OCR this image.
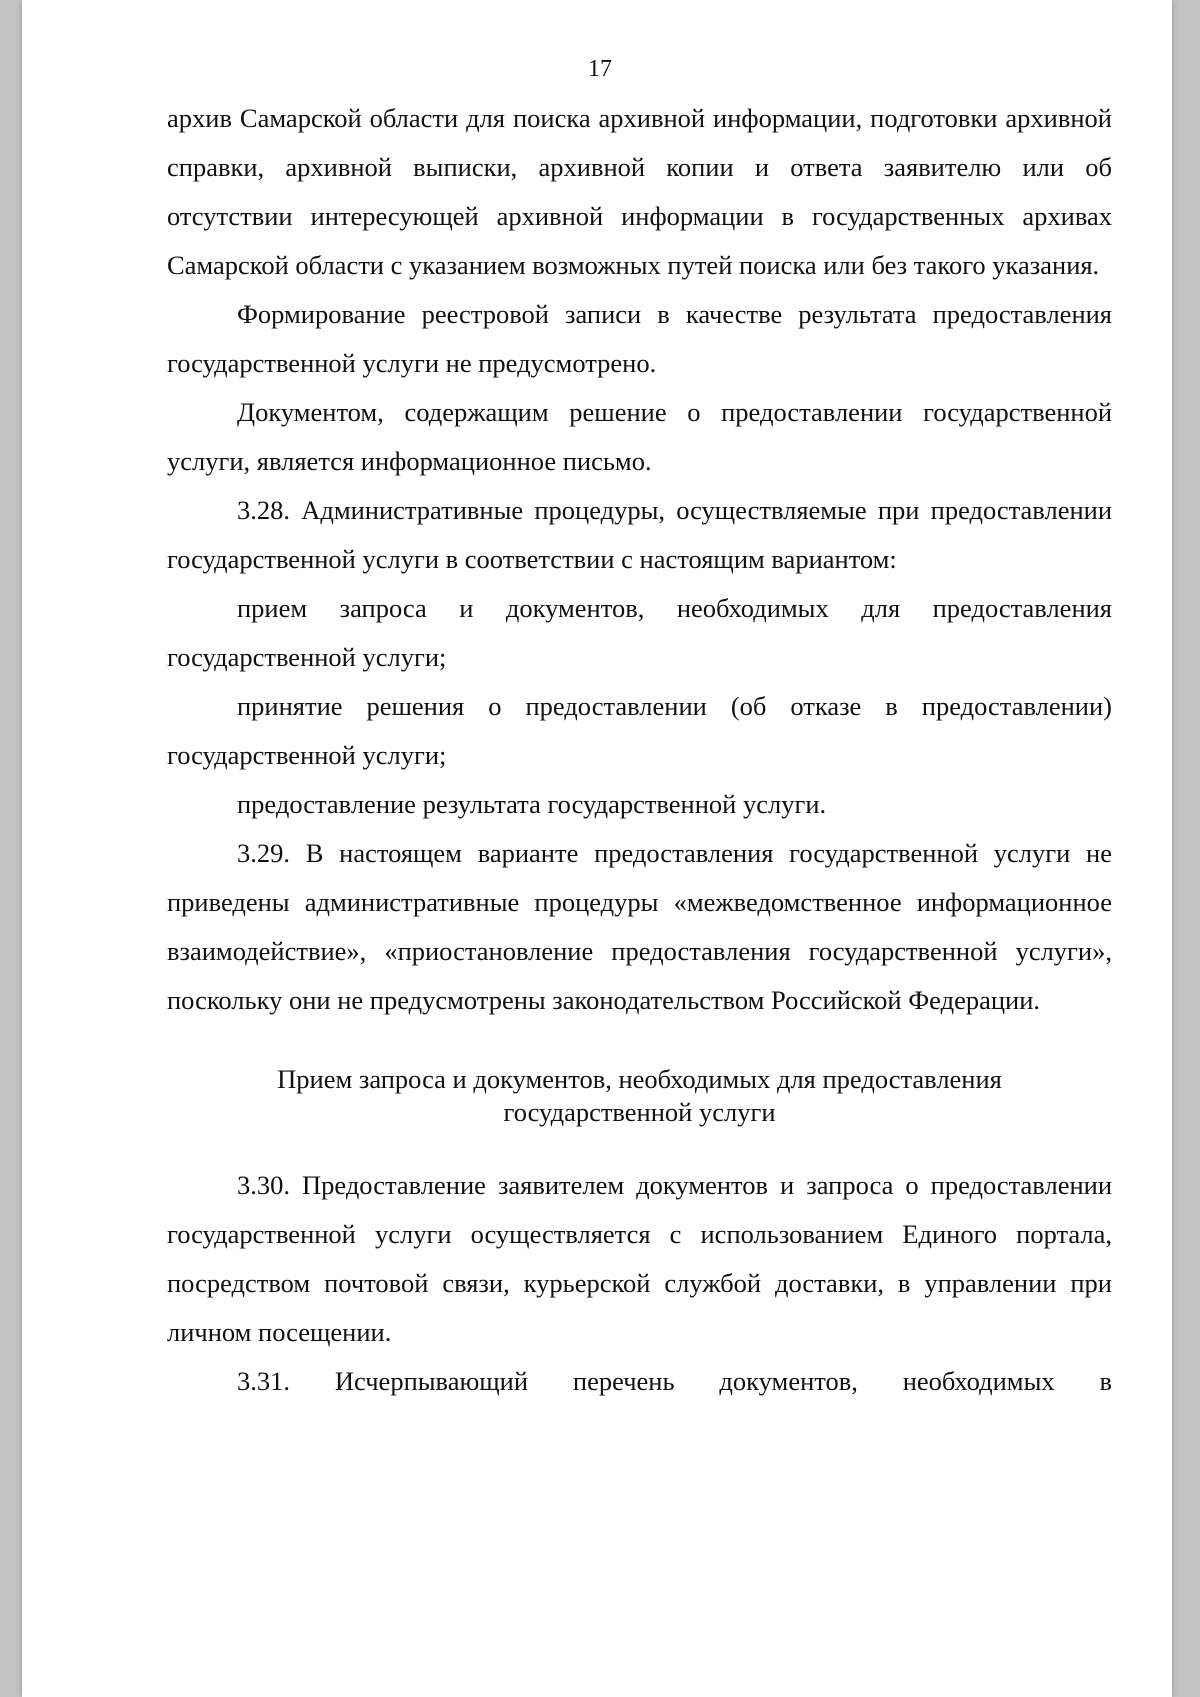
17

архив Самарской области для поиска архивной информации, подготовки архивной справки, архивной выписки, архивной копии и ответа заявителю или об отсутствии интересующей архивной информации в государственных архивах Самарской области с указанием возможных путей поиска или без такого указания.

Формирование реестровой записи в качестве результата предоставления государственной услуги не предусмотрено.

Документом, содержащим решение о предоставлении государственной услуги, является информационное письмо.

3.28. Административные процедуры, осуществляемые при предоставлении государственной услуги в соответствии с настоящим вариантом:

прием запроса и документов, необходимых для предоставления государственной услуги;

принятие решения о предоставлении (об отказе в предоставлении) государственной услуги;

предоставление результата государственной услуги.

3.29. В настоящем варианте предоставления государственной услуги не приведены административные процедуры «межведомственное информационное взаимодействие», «приостановление предоставления государственной услуги», поскольку они не предусмотрены законодательством Российской Федерации.

Прием запроса и документов, необходимых для предоставления
государственной услуги

3.30. Предоставление заявителем документов и запроса о предоставлении государственной услуги осуществляется с использованием Единого портала, посредством почтовой связи, курьерской службой доставки, в управлении при личном посещении.

3.31. Исчерпывающий перечень документов, необходимых в
